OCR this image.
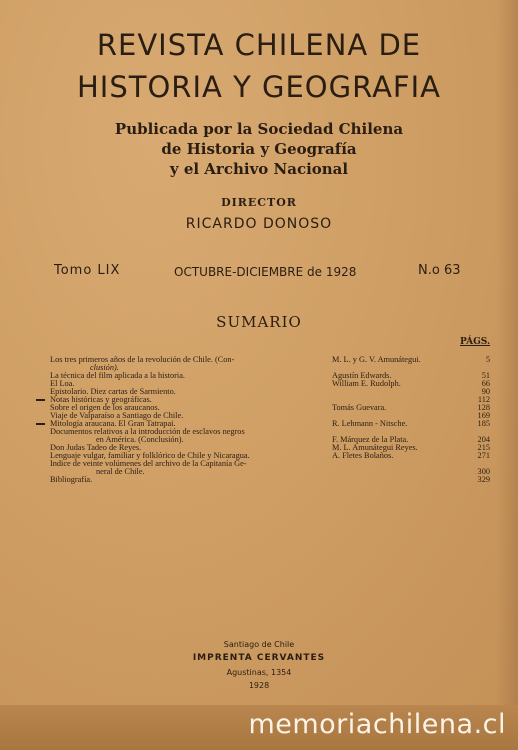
REVISTA CHILENA DE
HISTORIA Y GEOGRAFIA
Publicada por la Sociedad Chilena
de Historia y Geografía
y el Archivo Nacional
DIRECTOR
RICARDO DONOSO
Tomo LIX	OCTUBRE-DICIEMBRE de 1928	N.o 63
SUMARIO
PÁGS.
Los tres primeros años de la revolución de Chile. (Con-	M. L. y G. V. Amunátegui.	5
clusión).
La técnica del film aplicada a la historia.	Agustín Edwards.	51
El Loa.	William E. Rudolph.	66
Epistolario. Diez cartas de Sarmiento.	90
Notas históricas y geográficas.	112
Sobre el origen de los araucanos.	Tomás Guevara.	128
Viaje de Valparaíso a Santiago de Chile.	169
Mitología araucana. El Gran Tatrapai.	R. Lehmann - Nitsche.	185
Documentos relativos a la introducción de esclavos negros
en América. (Conclusión).	F. Márquez de la Plata.	204
Don Judas Tadeo de Reyes.	M. L. Amunátegui Reyes.	215
Lenguaje vulgar, familiar y folklórico de Chile y Nicaragua.	A. Fletes Bolaños.	271
Indice de veinte volúmenes del archivo de la Capitanía Ge-
neral de Chile.	300
Bibliografía.	329
Santiago de Chile
IMPRENTA CERVANTES
Agustinas, 1354
1928
memoriachilena.cl
